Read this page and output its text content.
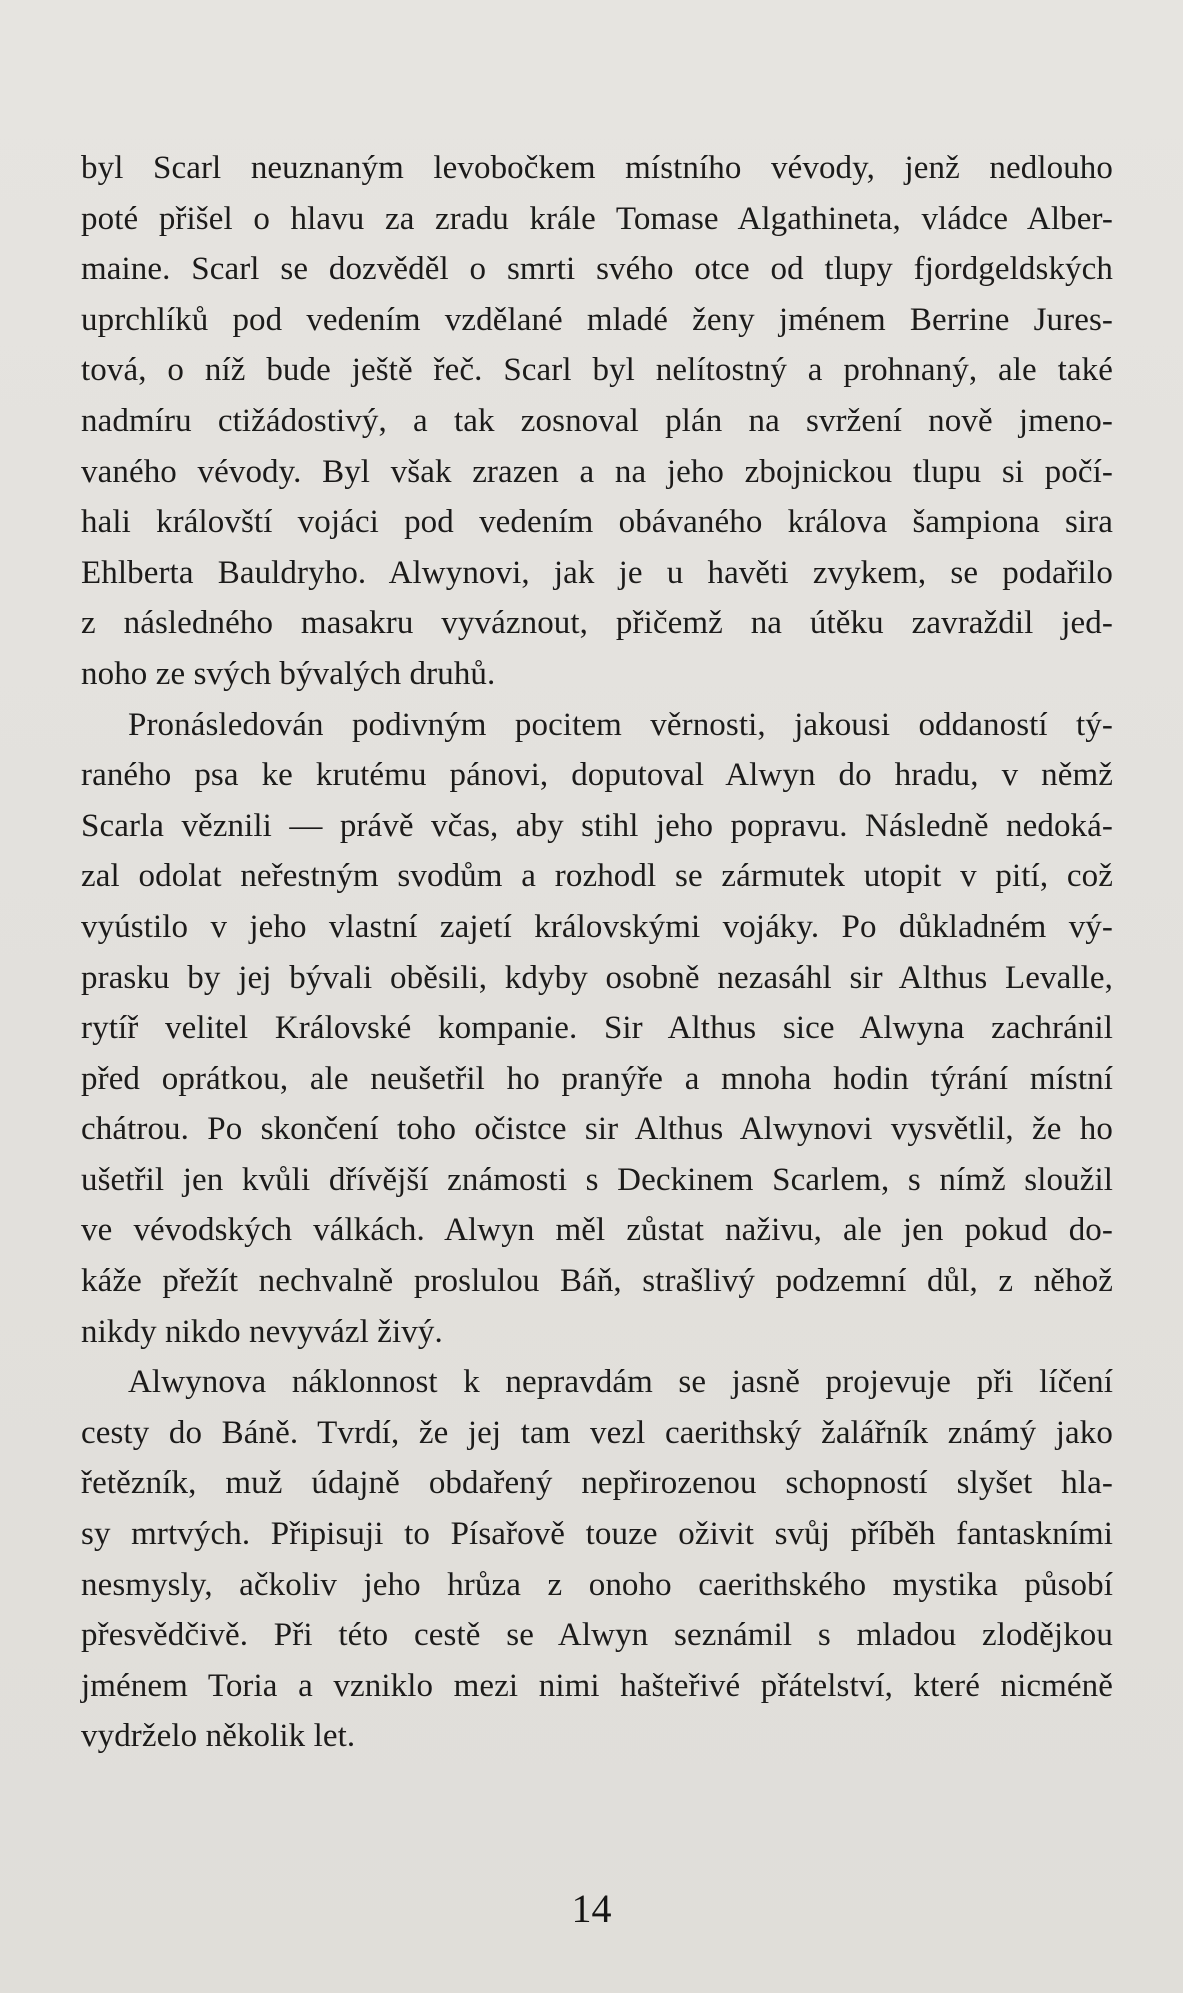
byl Scarl neuznaným levobočkem místního vévody, jenž nedlouho
poté přišel o hlavu za zradu krále Tomase Algathineta, vládce Alber-
maine. Scarl se dozvěděl o smrti svého otce od tlupy fjordgeldských
uprchlíků pod vedením vzdělané mladé ženy jménem Berrine Jures-
tová, o níž bude ještě řeč. Scarl byl nelítostný a prohnaný, ale také
nadmíru ctižádostivý, a tak zosnoval plán na svržení nově jmeno-
vaného vévody. Byl však zrazen a na jeho zbojnickou tlupu si počí-
hali královští vojáci pod vedením obávaného králova šampiona sira
Ehlberta Bauldryho. Alwynovi, jak je u havěti zvykem, se podařilo
z následného masakru vyváznout, přičemž na útěku zavraždil jed-
noho ze svých bývalých druhů.

Pronásledován podivným pocitem věrnosti, jakousi oddaností tý-
raného psa ke krutému pánovi, doputoval Alwyn do hradu, v němž
Scarla věznili — právě včas, aby stihl jeho popravu. Následně nedoká-
zal odolat neřestným svodům a rozhodl se zármutek utopit v pití, což
vyústilo v jeho vlastní zajetí královskými vojáky. Po důkladném vý-
prasku by jej bývali oběsili, kdyby osobně nezasáhl sir Althus Levalle,
rytíř velitel Královské kompanie. Sir Althus sice Alwyna zachránil
před oprátkou, ale neušetřil ho pranýře a mnoha hodin týrání místní
chátrou. Po skončení toho očistce sir Althus Alwynovi vysvětlil, že ho
ušetřil jen kvůli dřívější známosti s Deckinem Scarlem, s nímž sloužil
ve vévodských válkách. Alwyn měl zůstat naživu, ale jen pokud do-
káže přežít nechvalně proslulou Báň, strašlivý podzemní důl, z něhož
nikdy nikdo nevyvázl živý.

Alwynova náklonnost k nepravdám se jasně projevuje při líčení
cesty do Báně. Tvrdí, že jej tam vezl caerithský žalářník známý jako
řetězník, muž údajně obdařený nepřirozenou schopností slyšet hla-
sy mrtvých. Připisuji to Písařově touze oživit svůj příběh fantaskními
nesmysly, ačkoliv jeho hrůza z onoho caerithského mystika působí
přesvědčivě. Při této cestě se Alwyn seznámil s mladou zlodějkou
jménem Toria a vzniklo mezi nimi hašteřivé přátelství, které nicméně
vydrželo několik let.

14
